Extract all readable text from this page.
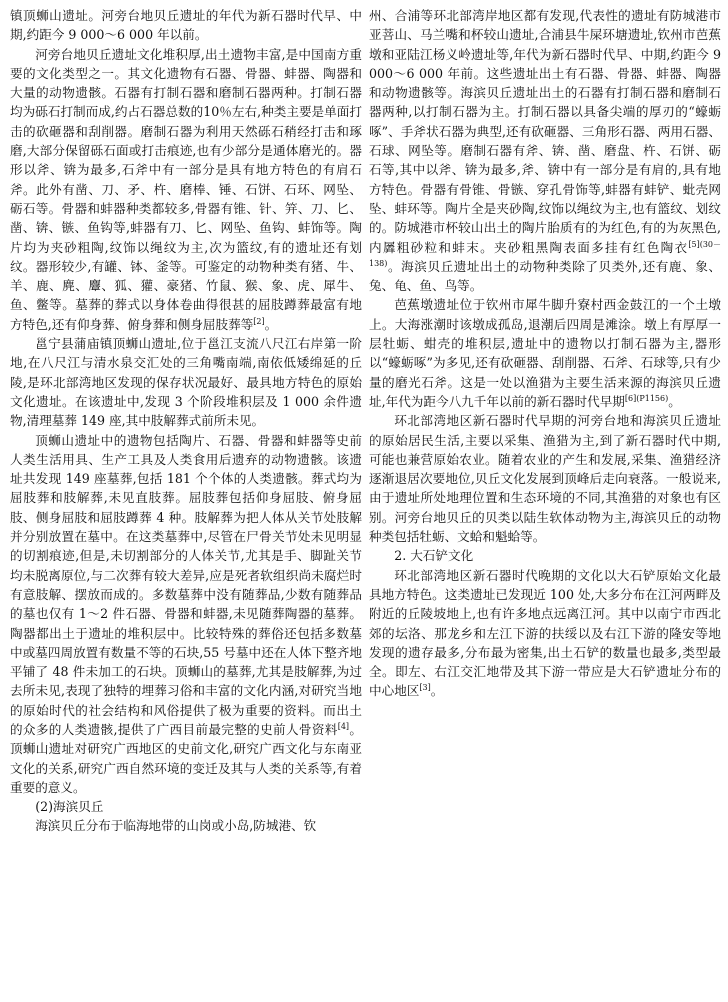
镇顶蛳山遗址。河旁台地贝丘遗址的年代为新石器时代早、中期,约距今 9 000～6 000 年以前。

河旁台地贝丘遗址文化堆积厚,出土遗物丰富,是中国南方重要的文化类型之一。其文化遗物有石器、骨器、蚌器、陶器和大量的动物遗骸。石器有打制石器和磨制石器两种。打制石器均为砾石打制而成,约占石器总数的10％左右,种类主要是单面打击的砍砸器和刮削器。磨制石器为利用天然砾石稍经打击和琢磨,大部分保留砾石面或打击痕迹,也有少部分是通体磨光的。器形以斧、锛为最多,石斧中有一部分是具有地方特色的有肩石斧。此外有凿、刀、矛、杵、磨棒、锤、石饼、石环、网坠、砺石等。骨器和蚌器种类都较多,骨器有锥、针、笄、刀、匕、凿、锛、镞、鱼钩等,蚌器有刀、匕、网坠、鱼钩、蚌饰等。陶片均为夹砂粗陶,纹饰以绳纹为主,次为篮纹,有的遗址还有划纹。器形较少,有罐、钵、釜等。可鉴定的动物种类有猪、牛、羊、鹿、麂、麞、狐、獾、豪猪、竹鼠、猴、象、虎、犀牛、鱼、鳖等。墓葬的葬式以身体卷曲得很甚的屈肢蹲葬最富有地方特色,还有仰身葬、俯身葬和侧身屈肢葬等[2]。

邕宁县蒲庙镇顶蛳山遗址,位于邕江支流八尺江右岸第一阶地,在八尺江与清水泉交汇处的三角嘴南端,南依低矮绵延的丘陵,是环北部湾地区发现的保存状况最好、最具地方特色的原始文化遗址。在该遗址中,发现 3 个阶段堆积层及 1 000 余件遗物,清理墓葬 149 座,其中肢解葬式前所未见。

顶蛳山遗址中的遗物包括陶片、石器、骨器和蚌器等史前人类生活用具、生产工具及人类食用后遗弃的动物遗骸。该遗址共发现 149 座墓葬,包括 181 个个体的人类遗骸。葬式均为屈肢葬和肢解葬,未见直肢葬。屈肢葬包括仰身屈肢、俯身屈肢、侧身屈肢和屈肢蹲葬 4 种。肢解葬为把人体从关节处肢解并分别放置在墓中。在这类墓葬中,尽管在尸骨关节处未见明显的切割痕迹,但是,未切割部分的人体关节,尤其是手、脚趾关节均未脱离原位,与二次葬有较大差异,应是死者软组织尚未腐烂时有意肢解、摆放而成的。多数墓葬中没有随葬品,少数有随葬品的墓也仅有 1～2 件石器、骨器和蚌器,未见随葬陶器的墓葬。陶器都出土于遗址的堆积层中。比较特殊的葬俗还包括多数墓中或墓四周放置有数量不等的石块,55 号墓中还在人体下整齐地平铺了 48 件未加工的石块。顶蛳山的墓葬,尤其是肢解葬,为过去所未见,表现了独特的埋葬习俗和丰富的文化内涵,对研究当地的原始时代的社会结构和风俗提供了极为重要的资料。而出土的众多的人类遗骸,提供了广西目前最完整的史前人骨资料[4]。顶蛳山遗址对研究广西地区的史前文化,研究广西文化与东南亚文化的关系,研究广西自然环境的变迁及其与人类的关系等,有着重要的意义。

(2)海滨贝丘

海滨贝丘分布于临海地带的山岗或小岛,防城港、钦

州、合浦等环北部湾岸地区都有发现,代表性的遗址有防城港市亚菩山、马兰嘴和杯较山遗址,合浦县牛屎环塘遗址,钦州市芭蕉墩和亚陆江杨义岭遗址等,年代为新石器时代早、中期,约距今 9 000～6 000 年前。这些遗址出土有石器、骨器、蚌器、陶器和动物遗骸等。海滨贝丘遗址出土的石器有打制石器和磨制石器两种,以打制石器为主。打制石器以具备尖端的厚刃的“蠔蛎啄”、手斧状石器为典型,还有砍砸器、三角形石器、两用石器、石球、网坠等。磨制石器有斧、锛、凿、磨盘、杵、石饼、砺石等,其中以斧、锛为最多,斧、锛中有一部分是有肩的,具有地方特色。骨器有骨锥、骨镞、穿孔骨饰等,蚌器有蚌铲、蚍壳网坠、蚌环等。陶片全是夹砂陶,纹饰以绳纹为主,也有篮纹、划纹的。防城港市杯较山出土的陶片胎质有的为红色,有的为灰黑色,内羼粗砂粒和蚌末。夹砂粗黑陶表面多挂有红色陶衣$^{[5](30-138)}$。海滨贝丘遗址出土的动物种类除了贝类外,还有鹿、象、兔、龟、鱼、鸟等。

芭蕉墩遗址位于钦州市犀牛脚升寮村西金鼓江的一个土墩上。大海涨潮时该墩成孤岛,退潮后四周是滩涂。墩上有厚厚一层牡蛎、蚶壳的堆积层,遗址中的遗物以打制石器为主,器形以“蠔蛎啄”为多见,还有砍砸器、刮削器、石斧、石球等,只有少量的磨光石斧。这是一处以渔猎为主要生活来源的海滨贝丘遗址,年代为距今八九千年以前的新石器时代早期$^{[6](P1156)}$。

环北部湾地区新石器时代早期的河旁台地和海滨贝丘遗址的原始居民生活,主要以采集、渔猎为主,到了新石器时代中期,可能也兼营原始农业。随着农业的产生和发展,采集、渔猎经济逐渐退居次要地位,贝丘文化发展到顶峰后走向衰落。一般说来,由于遗址所处地理位置和生态环境的不同,其渔猎的对象也有区别。河旁台地贝丘的贝类以陆生软体动物为主,海滨贝丘的动物种类包括牡蛎、文蛤和魁蛤等。

2. 大石铲文化

环北部湾地区新石器时代晚期的文化以大石铲原始文化最具地方特色。这类遗址已发现近 100 处,大多分布在江河两畔及附近的丘陵坡地上,也有许多地点远离江河。其中以南宁市西北郊的坛洛、那龙乡和左江下游的扶绥以及右江下游的隆安等地发现的遗存最多,分布最为密集,出土石铲的数量也最多,类型最全。即左、右江交汇地带及其下游一带应是大石铲遗址分布的中心地区[3]。
